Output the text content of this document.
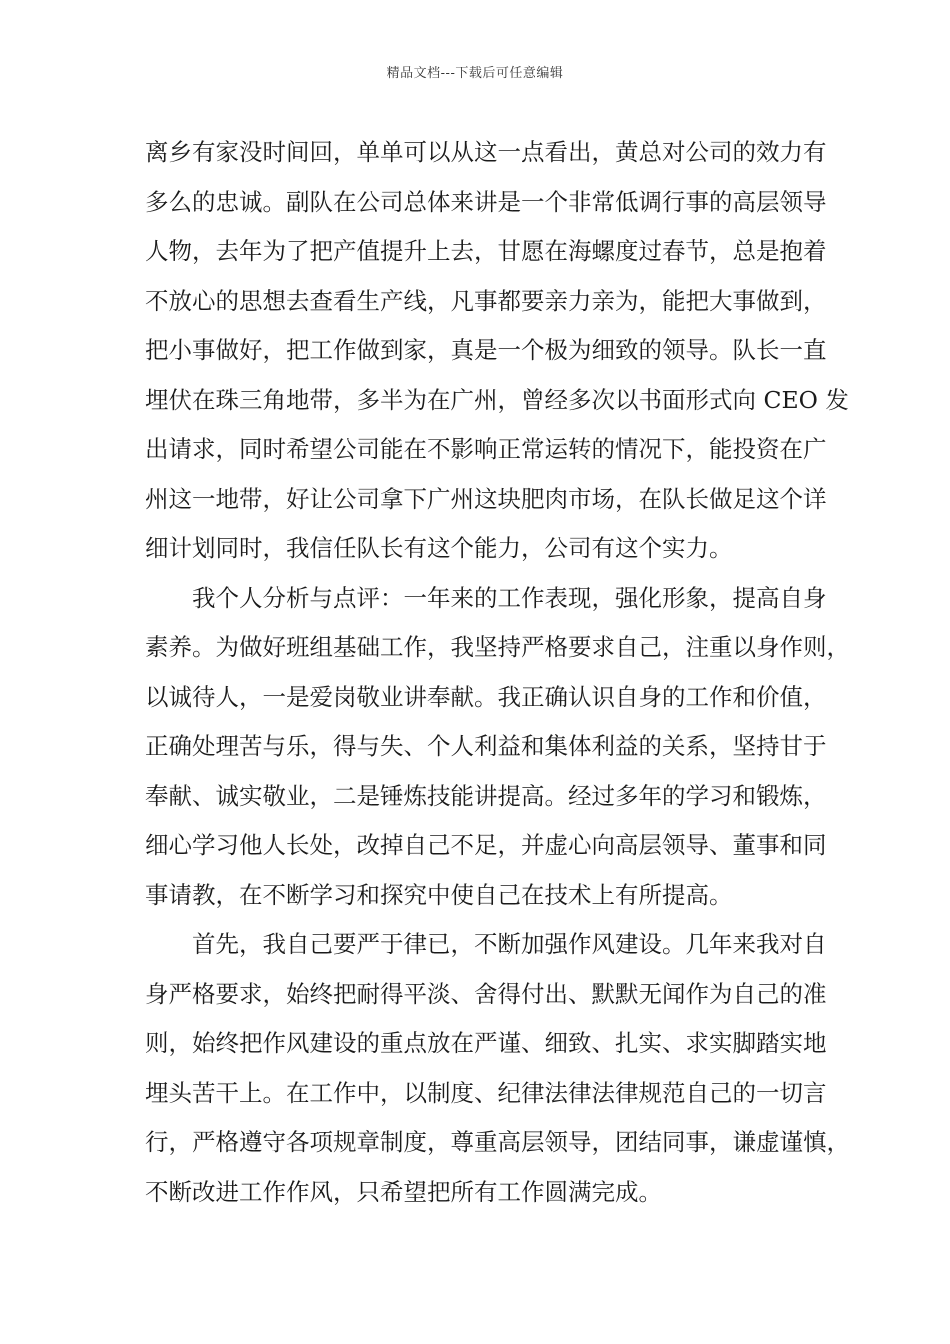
精品文档---下载后可任意编辑
离乡有家没时间回，单单可以从这一点看出，黄总对公司的效力有
多么的忠诚。副队在公司总体来讲是一个非常低调行事的高层领导
人物，去年为了把产值提升上去，甘愿在海螺度过春节，总是抱着
不放心的思想去查看生产线，凡事都要亲力亲为，能把大事做到，
把小事做好，把工作做到家，真是一个极为细致的领导。队长一直
埋伏在珠三角地带，多半为在广州，曾经多次以书面形式向 CEO 发
出请求，同时希望公司能在不影响正常运转的情况下，能投资在广
州这一地带，好让公司拿下广州这块肥肉市场，在队长做足这个详
细计划同时，我信任队长有这个能力，公司有这个实力。
我个人分析与点评：一年来的工作表现，强化形象，提高自身
素养。为做好班组基础工作，我坚持严格要求自己，注重以身作则，
以诚待人，一是爱岗敬业讲奉献。我正确认识自身的工作和价值，
正确处理苦与乐，得与失、个人利益和集体利益的关系，坚持甘于
奉献、诚实敬业，二是锤炼技能讲提高。经过多年的学习和锻炼，
细心学习他人长处，改掉自己不足，并虚心向高层领导、董事和同
事请教，在不断学习和探究中使自己在技术上有所提高。
首先，我自己要严于律已，不断加强作风建设。几年来我对自
身严格要求，始终把耐得平淡、舍得付出、默默无闻作为自己的准
则，始终把作风建设的重点放在严谨、细致、扎实、求实脚踏实地
埋头苦干上。在工作中，以制度、纪律法律法律规范自己的一切言
行，严格遵守各项规章制度，尊重高层领导，团结同事，谦虚谨慎，
不断改进工作作风，只希望把所有工作圆满完成。
